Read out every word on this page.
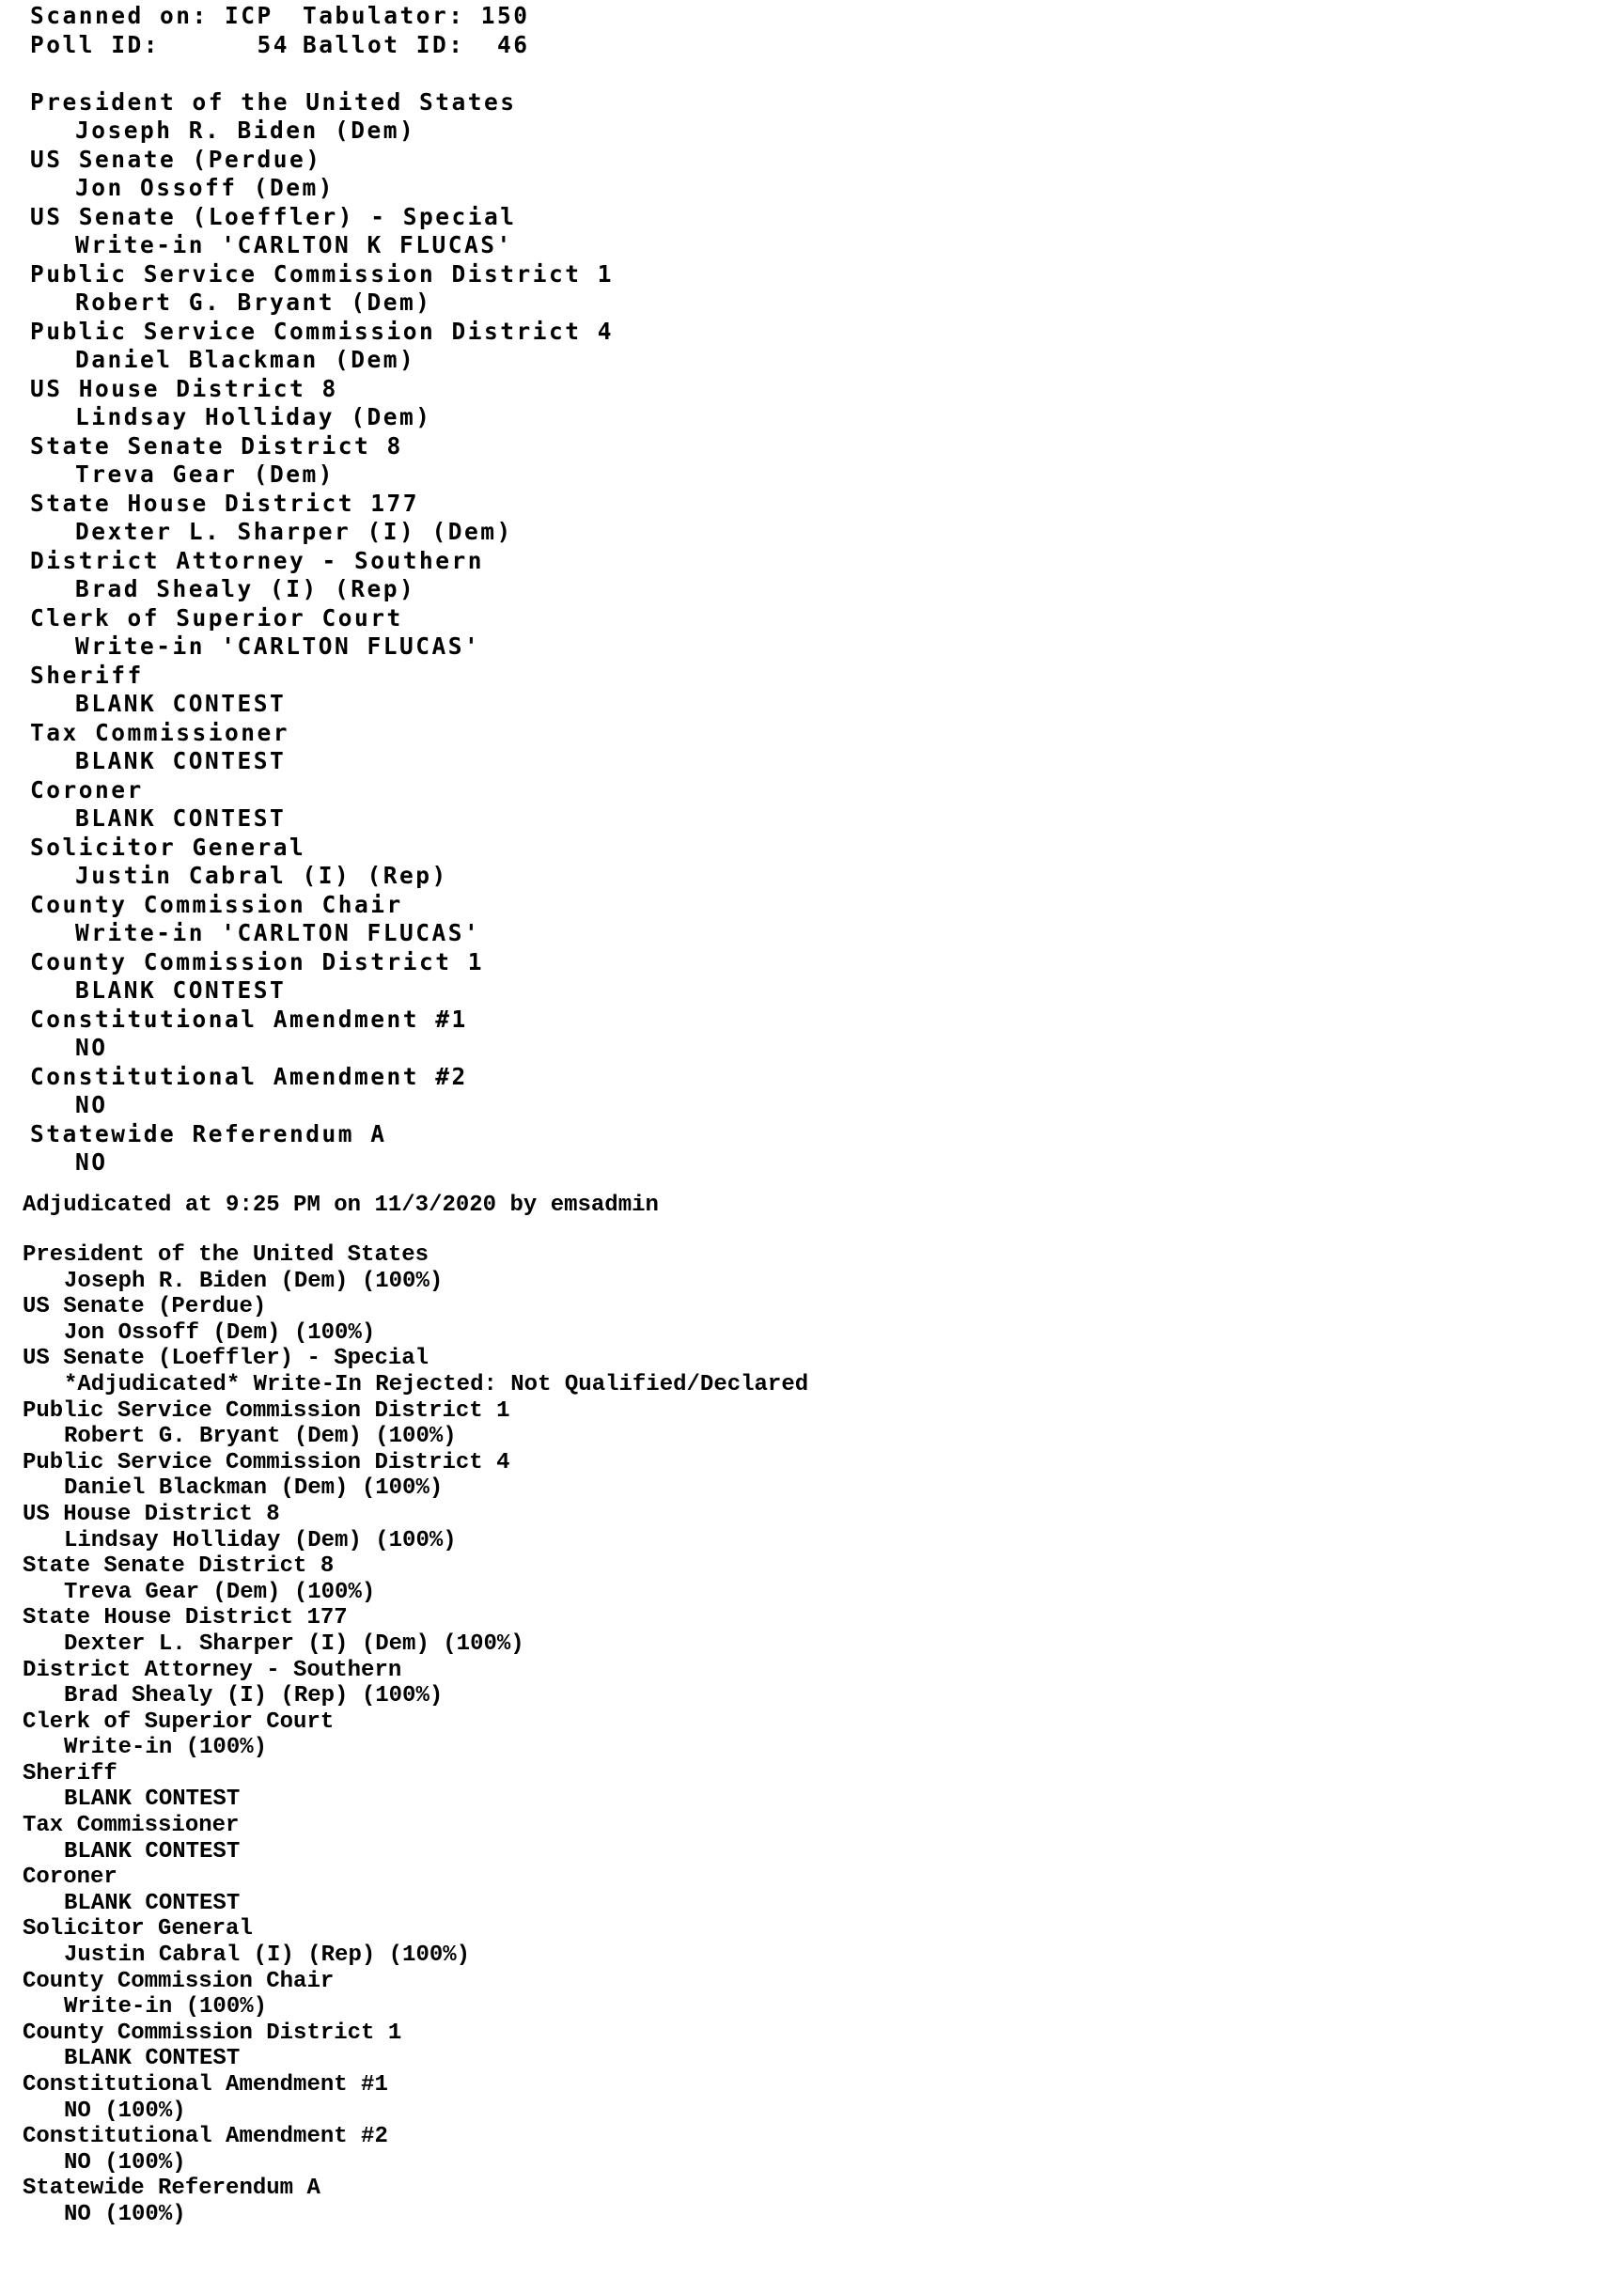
Scanned on: ICP	Tabulator: 150
Poll ID:	54 Ballot ID: 46
President of the United States
Joseph R. Biden (Dem)
US Senate (Perdue)
Jon Ossoff (Dem)
US Senate (Loeffler) - Special
Write-in 'CARLTON K FLUCAS'
Public Service Commission District 1
Robert G. Bryant (Dem)
Public Service Commission District 4
Daniel Blackman (Dem)
US House District 8
Lindsay Holliday (Dem)
State Senate District 8
Treva Gear (Dem)
State House District 177
Dexter L. Sharper (I) (Dem)
District Attorney - Southern
Brad Shealy (I) (Rep)
Clerk of Superior Court
Write-in 'CARLTON FLUCAS'
Sheriff
BLANK CONTEST
Tax Commissioner
BLANK CONTEST
Coroner
BLANK CONTEST
Solicitor General
Justin Cabral (I) (Rep)
County Commission Chair
Write-in 'CARLTON FLUCAS'
County Commission District 1
BLANK CONTEST
Constitutional Amendment #1
NO
Constitutional Amendment #2
NO
Statewide Referendum A
NO
Adjudicated at 9:25 PM on 11/3/2020 by emsadmin
President of the United States
Joseph R. Biden (Dem) (100%)
US Senate (Perdue)
Jon Ossoff (Dem) (100%)
US Senate (Loeffler) - Special
*Adjudicated* Write-In Rejected: Not Qualified/Declared
Public Service Commission District 1
Robert G. Bryant (Dem) (100%)
Public Service Commission District 4
Daniel Blackman (Dem) (100%)
US House District 8
Lindsay Holliday (Dem) (100%)
State Senate District 8
Treva Gear (Dem) (100%)
State House District 177
Dexter L. Sharper (I) (Dem) (100%)
District Attorney - Southern
Brad Shealy (I) (Rep) (100%)
Clerk of Superior Court
Write-in (100%)
Sheriff
BLANK CONTEST
Tax Commissioner
BLANK CONTEST
Coroner
BLANK CONTEST
Solicitor General
Justin Cabral (I) (Rep) (100%)
County Commission Chair
Write-in (100%)
County Commission District 1
BLANK CONTEST
Constitutional Amendment #1
NO (100%)
Constitutional Amendment #2
NO (100%)
Statewide Referendum A
NO (100%)
